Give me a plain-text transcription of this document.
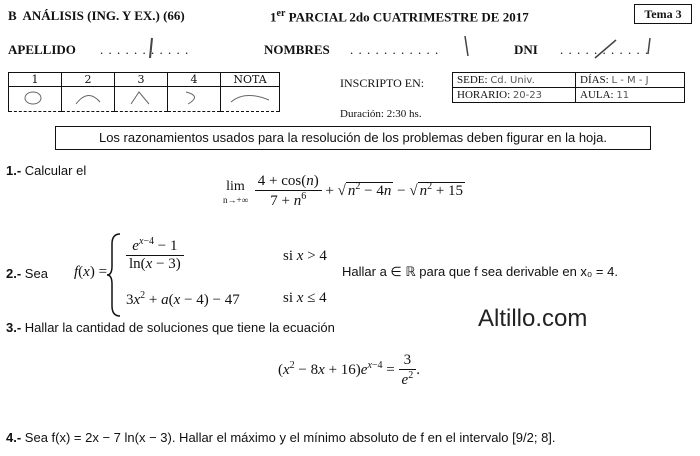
B ANÁLISIS (ING. Y EX.) (66)	1er PARCIAL 2do CUATRIMESTRE DE 2017	Tema 3
APELLIDO . . . . . . . . . . .	NOMBRES . . . . . . . . . . .	DNI . . . . . . . . . . .
1	2	3	4	NOTA
					INSCRIPTO EN:	SEDE: Cd. Univ.	DÍAS: L - M - J
HORARIO: 20-23	AULA: 11
Duración: 2:30 hs.
Los razonamientos usados para la resolución de los problemas deben figurar en la hoja.
1.- Calcular el
lim
n→+∞
$\frac{4 + \cos(n)}{7 + n^6}$ + √ $n^2 - 4n$ − √ $n^2 + 15$
2.- Sea $f(x) = \frac{e^{x-4} - 1}{\ln(x - 3)}$	si x > 4
$3x^2 + a(x - 4) - 47$	si x ≤ 4
Hallar a ∈ ℝ para que f sea derivable en x₀ = 4.
3.- Hallar la cantidad de soluciones que tiene la ecuación	Altillo.com
$(x^2 - 8x + 16)e^{x-4} = \frac{3}{e^2}$ .
4.- Sea f(x) = 2x − 7 ln(x − 3). Hallar el máximo y el mínimo absoluto de f en el intervalo [9/2; 8].
